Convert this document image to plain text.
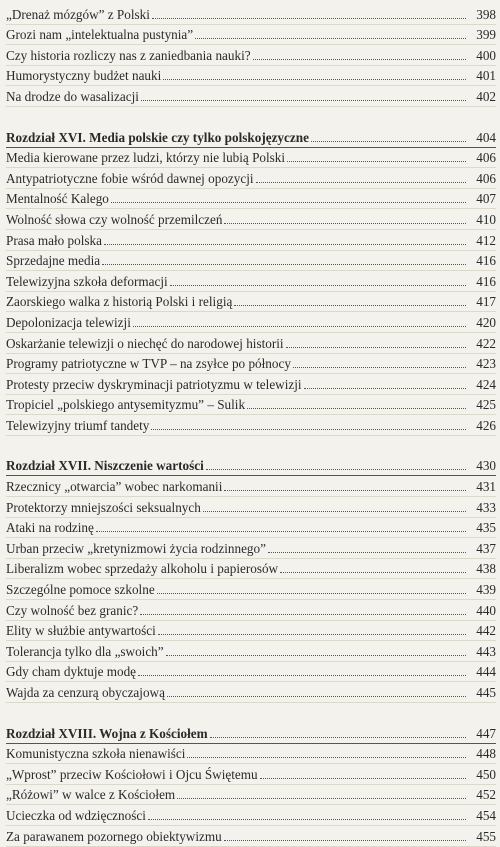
„Drenaż mózgów” z Polski	398
Grozi nam „intelektualna pustynia”	399
Czy historia rozliczy nas z zaniedbania nauki?	400
Humorystyczny budżet nauki	401
Na drodze do wasalizacji	402
Rozdział XVI. Media polskie czy tylko polskojęzyczne	404
Media kierowane przez ludzi, którzy nie lubią Polski	406
Antypatriotyczne fobie wśród dawnej opozycji	406
Mentalność Kalego	407
Wolność słowa czy wolność przemilczeń	410
Prasa mało polska	412
Sprzedajne media	416
Telewizyjna szkoła deformacji	416
Zaorskiego walka z historią Polski i religią	417
Depolonizacja telewizji	420
Oskarżanie telewizji o niechęć do narodowej historii	422
Programy patriotyczne w TVP – na zsyłce po północy	423
Protesty przeciw dyskryminacji patriotyzmu w telewizji	424
Tropiciel „polskiego antysemityzmu” – Sulik	425
Telewizyjny triumf tandety	426
Rozdział XVII. Niszczenie wartości	430
Rzecznicy „otwarcia” wobec narkomanii	431
Protektorzy mniejszości seksualnych	433
Ataki na rodzinę	435
Urban przeciw „kretynizmowi życia rodzinnego”	437
Liberalizm wobec sprzedaży alkoholu i papierosów	438
Szczególne pomoce szkolne	439
Czy wolność bez granic?	440
Elity w służbie antywartości	442
Tolerancja tylko dla „swoich”	443
Gdy cham dyktuje modę	444
Wajda za cenzurą obyczajową	445
Rozdział XVIII. Wojna z Kościołem	447
Komunistyczna szkoła nienawiści	448
„Wprost” przeciw Kościołowi i Ojcu Świętemu	450
„Różowi” w walce z Kościołem	452
Ucieczka od wdzięczności	454
Za parawanem pozornego obiektywizmu	455
